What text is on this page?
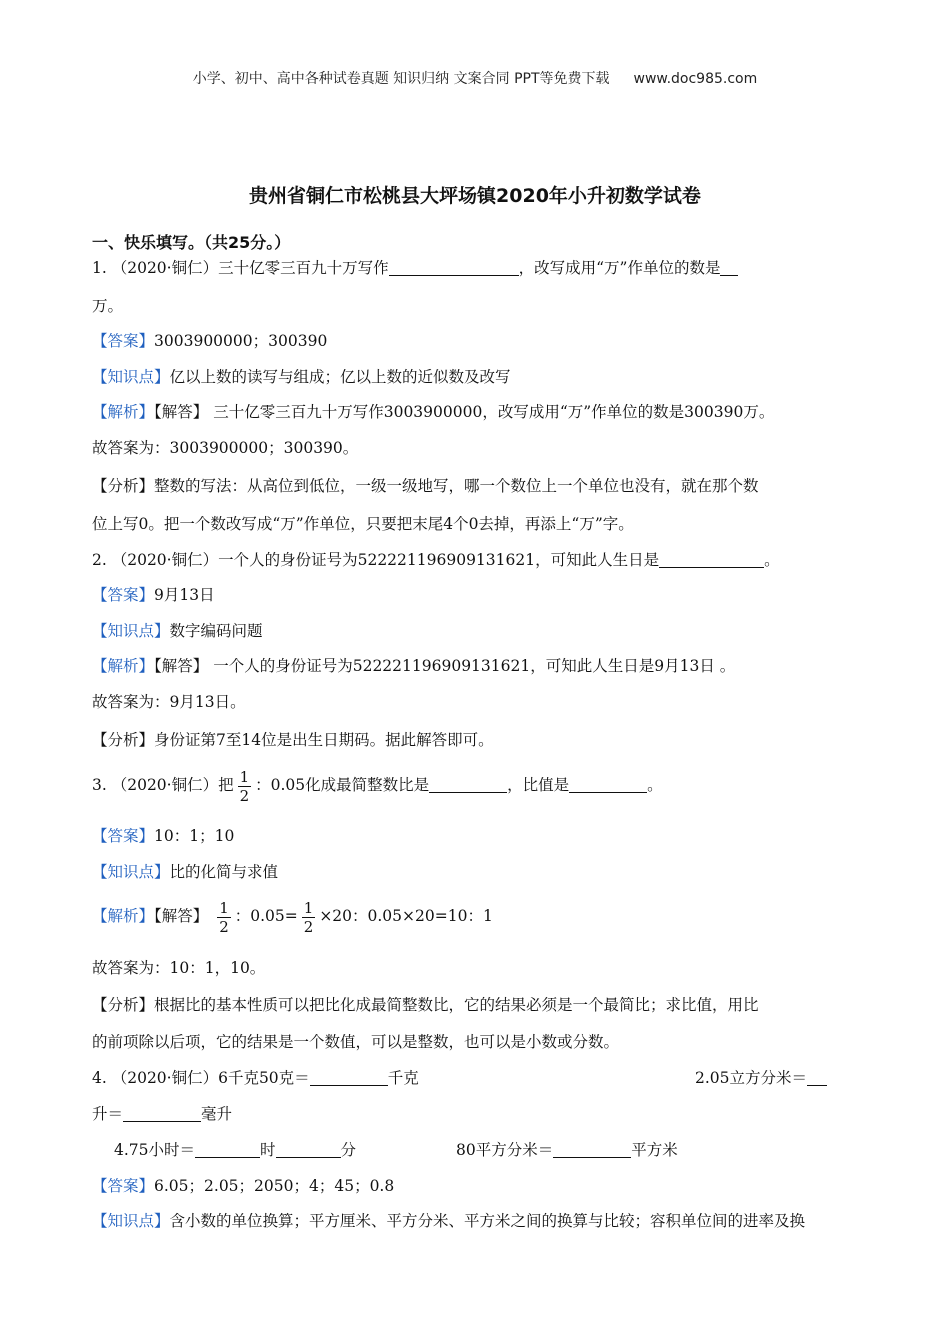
小学、初中、高中各种试卷真题 知识归纳 文案合同 PPT等免费下载 www.doc985.com
贵州省铜仁市松桃县大坪场镇2020年小升初数学试卷
一、快乐填写。（共25分。）
1. （2020·铜仁）三十亿零三百九十万写作	，改写成用“万”作单位的数是
万。
【答案】3003900000；300390
【知识点】亿以上数的读写与组成；亿以上数的近似数及改写
【解析】【解答】 三十亿零三百九十万写作3003900000，改写成用“万”作单位的数是300390万。
故答案为：3003900000；300390。
【分析】整数的写法：从高位到低位，一级一级地写，哪一个数位上一个单位也没有，就在那个数
位上写0。把一个数改写成“万”作单位，只要把末尾4个0去掉，再添上“万”字。
2. （2020·铜仁）一个人的身份证号为522221196909131621，可知此人生日是	。
【答案】9月13日
【知识点】数字编码问题
【解析】【解答】 一个人的身份证号为522221196909131621，可知此人生日是9月13日 。
故答案为：9月13日。
【分析】身份证第7至14位是出生日期码。据此解答即可。
3. （2020·铜仁）把 $\frac{1}{2}$ ：0.05化成最简整数比是	，比值是	。
【答案】10：1；10
【知识点】比的化简与求值
【解析】【解答】 $\frac{1}{2}$ ：$0.05= \frac{1}{2} \times 20$：0.05×20=10：1
故答案为：10：1，10。
【分析】根据比的基本性质可以把比化成最简整数比，它的结果必须是一个最简比；求比值，用比
的前项除以后项，它的结果是一个数值，可以是整数，也可以是小数或分数。
4. （2020·铜仁）6千克50克＝	千克	2.05立方分米＝
升＝	毫升
4.75小时＝	时	分	80平方分米＝	平方米
【答案】6.05；2.05；2050；4；45；0.8
【知识点】含小数的单位换算；平方厘米、平方分米、平方米之间的换算与比较；容积单位间的进率及换
